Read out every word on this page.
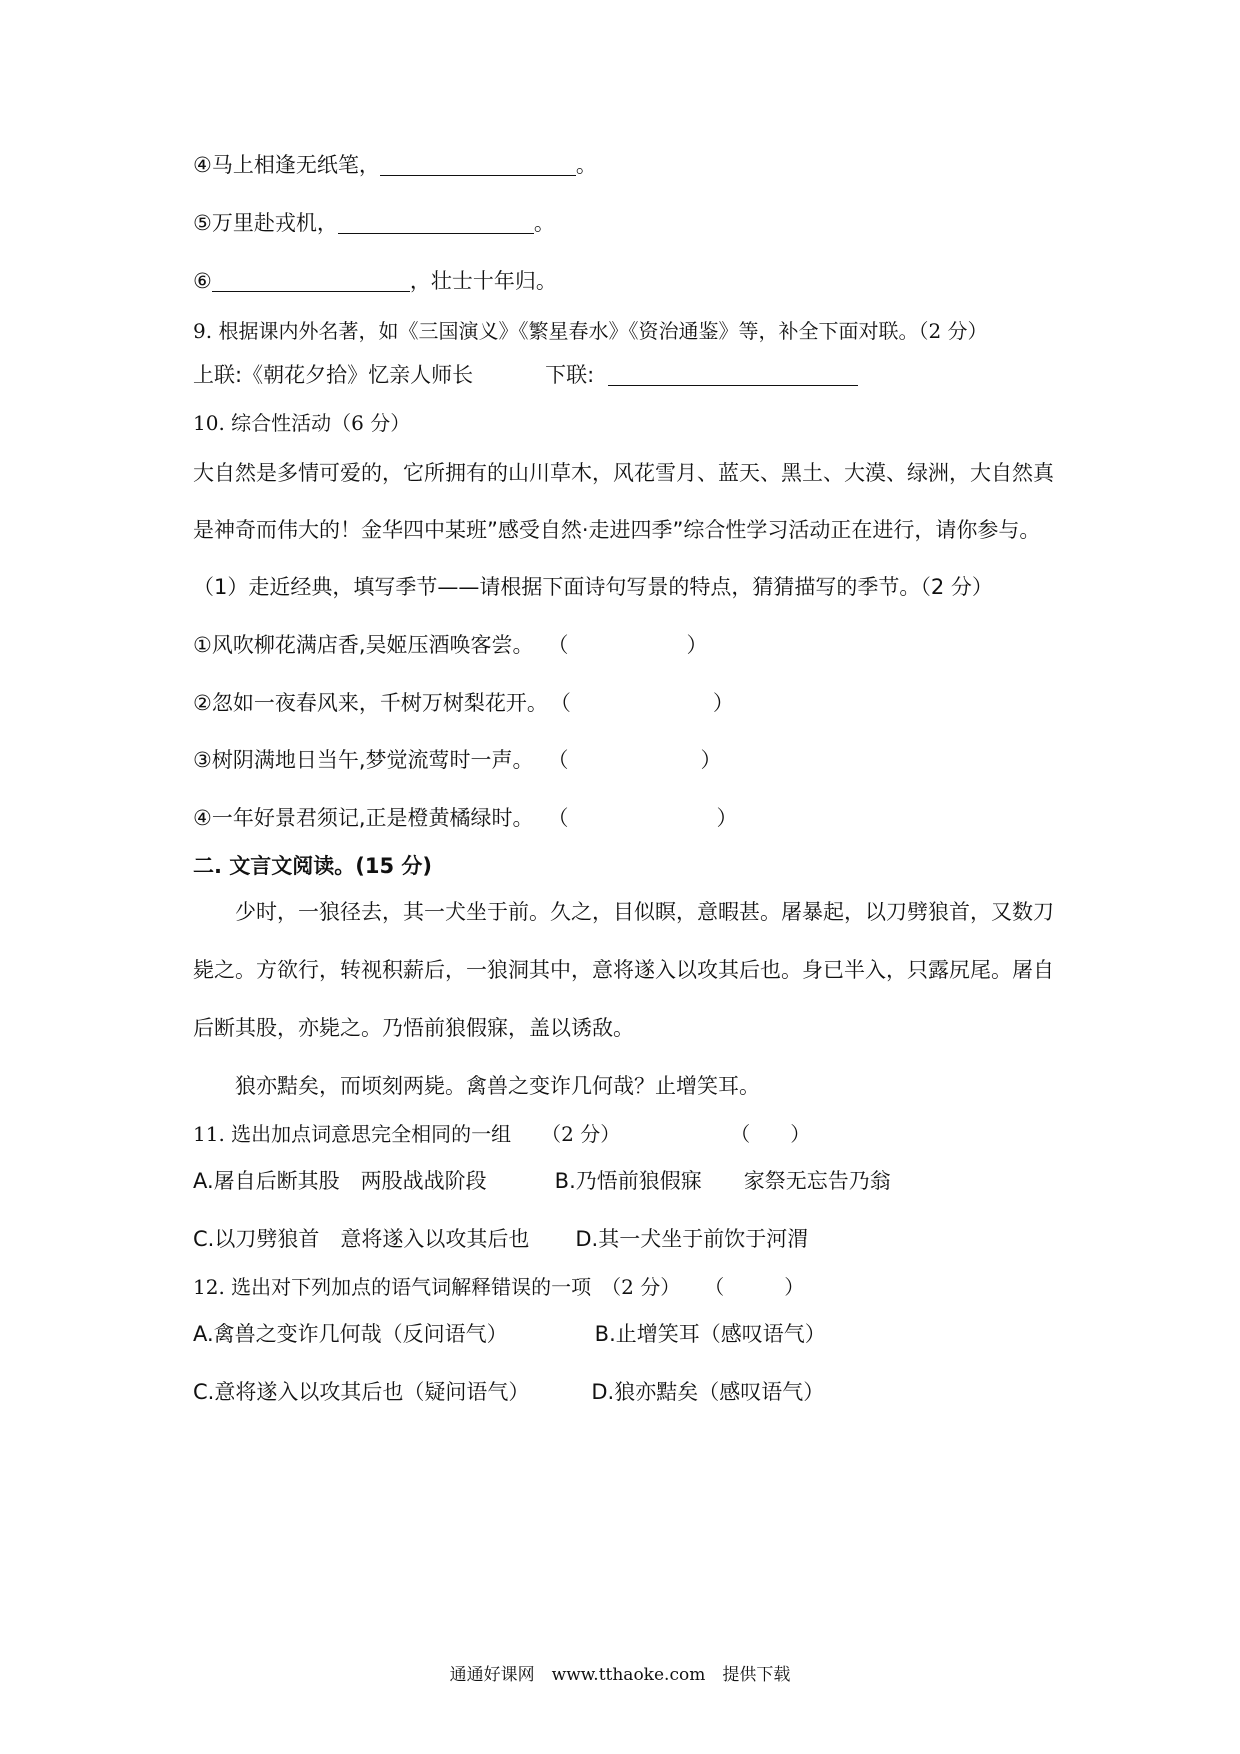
④马上相逢无纸笔，	。
⑤万里赴戎机，	。
⑥	，壮士十年归。
9. 根据课内外名著，如《三国演义》《繁星春水》《资治通鉴》等，补全下面对联。（2 分）
上联:《朝花夕拾》忆亲人师长	下联:
10. 综合性活动（6 分）
大自然是多情可爱的，它所拥有的山川草木，风花雪月、蓝天、黑土、大漠、绿洲，大自然真
是神奇而伟大的！金华四中某班”感受自然·走进四季”综合性学习活动正在进行，请你参与。
（1）走近经典，填写季节——请根据下面诗句写景的特点，猜猜描写的季节。（2 分）
①风吹柳花满店香,吴姬压酒唤客尝。 （	）
②忽如一夜春风来，千树万树梨花开。（	）
③树阴满地日当午,梦觉流莺时一声。 （	）
④一年好景君须记,正是橙黄橘绿时。 （	）
二. 文言文阅读。(15 分)
少时，一狼径去，其一犬坐于前。久之，目似瞑，意暇甚。屠暴起，以刀劈狼首，又数刀
毙之。方欲行，转视积薪后，一狼洞其中，意将遂入以攻其后也。身已半入，只露尻尾。屠自
后断其股，亦毙之。乃悟前狼假寐，盖以诱敌。
狼亦黠矣，而顷刻两毙。禽兽之变诈几何哉？止增笑耳。
11. 选出加点词意思完全相同的一组　　（2 分）	（　　）
A.屠自后断其股　两股战战阶段	B.乃悟前狼假寐　　家祭无忘告乃翁
C.以刀劈狼首　意将遂入以攻其后也 D.其一犬坐于前饮于河渭
12. 选出对下列加点的语气词解释错误的一项　（2 分） （　　　）
A.禽兽之变诈几何哉（反问语气）	B.止增笑耳（感叹语气）
C.意将遂入以攻其后也（疑问语气）	D.狼亦黠矣（感叹语气）
通通好课网　www.tthaoke.com　提供下载
